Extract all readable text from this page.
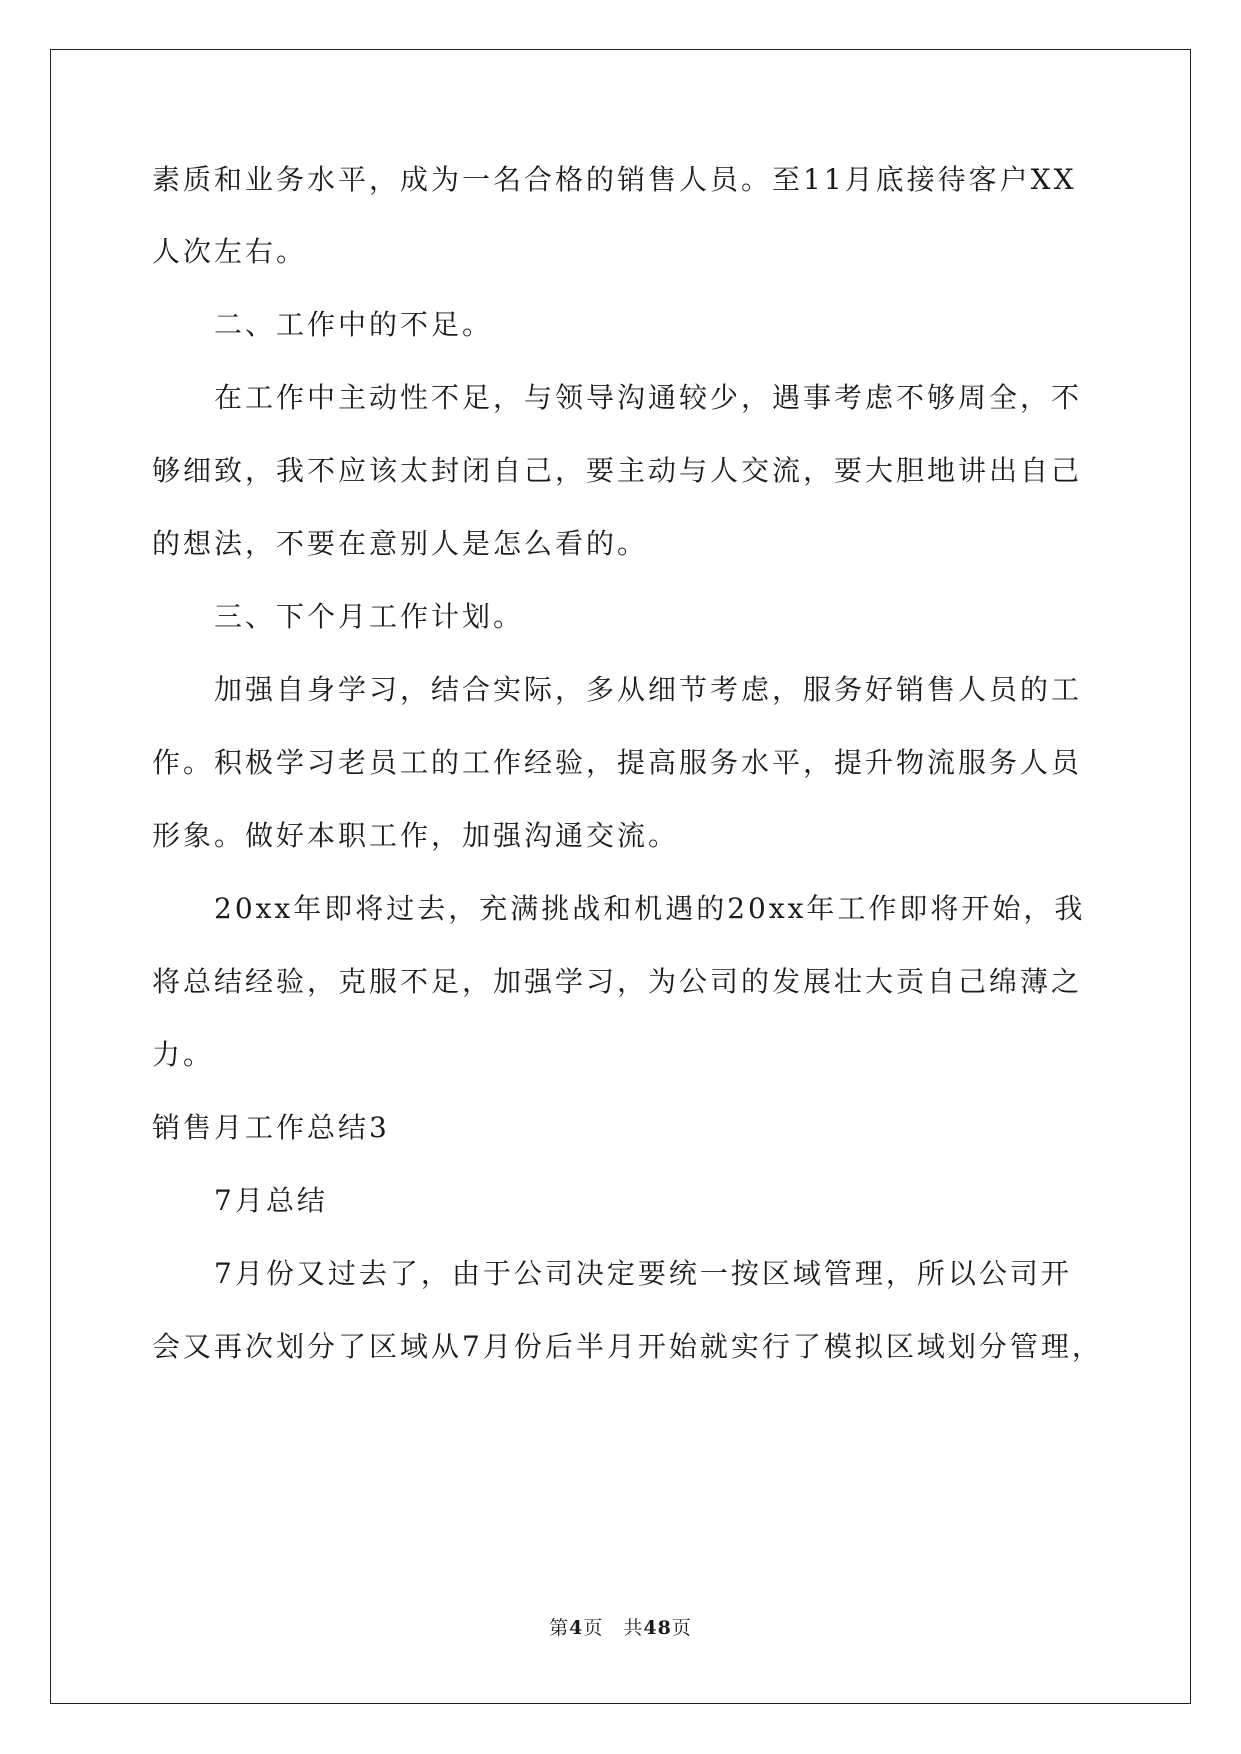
素质和业务水平，成为一名合格的销售人员。至11月底接待客户XX
人次左右。
二、工作中的不足。
在工作中主动性不足，与领导沟通较少，遇事考虑不够周全，不
够细致，我不应该太封闭自己，要主动与人交流，要大胆地讲出自己
的想法，不要在意别人是怎么看的。
三、下个月工作计划。
加强自身学习，结合实际，多从细节考虑，服务好销售人员的工
作。积极学习老员工的工作经验，提高服务水平，提升物流服务人员
形象。做好本职工作，加强沟通交流。
20xx年即将过去，充满挑战和机遇的20xx年工作即将开始，我
将总结经验，克服不足，加强学习，为公司的发展壮大贡自己绵薄之
力。
销售月工作总结3
7月总结
7月份又过去了，由于公司决定要统一按区域管理，所以公司开
会又再次划分了区域从7月份后半月开始就实行了模拟区域划分管理，
第4页　共48页
